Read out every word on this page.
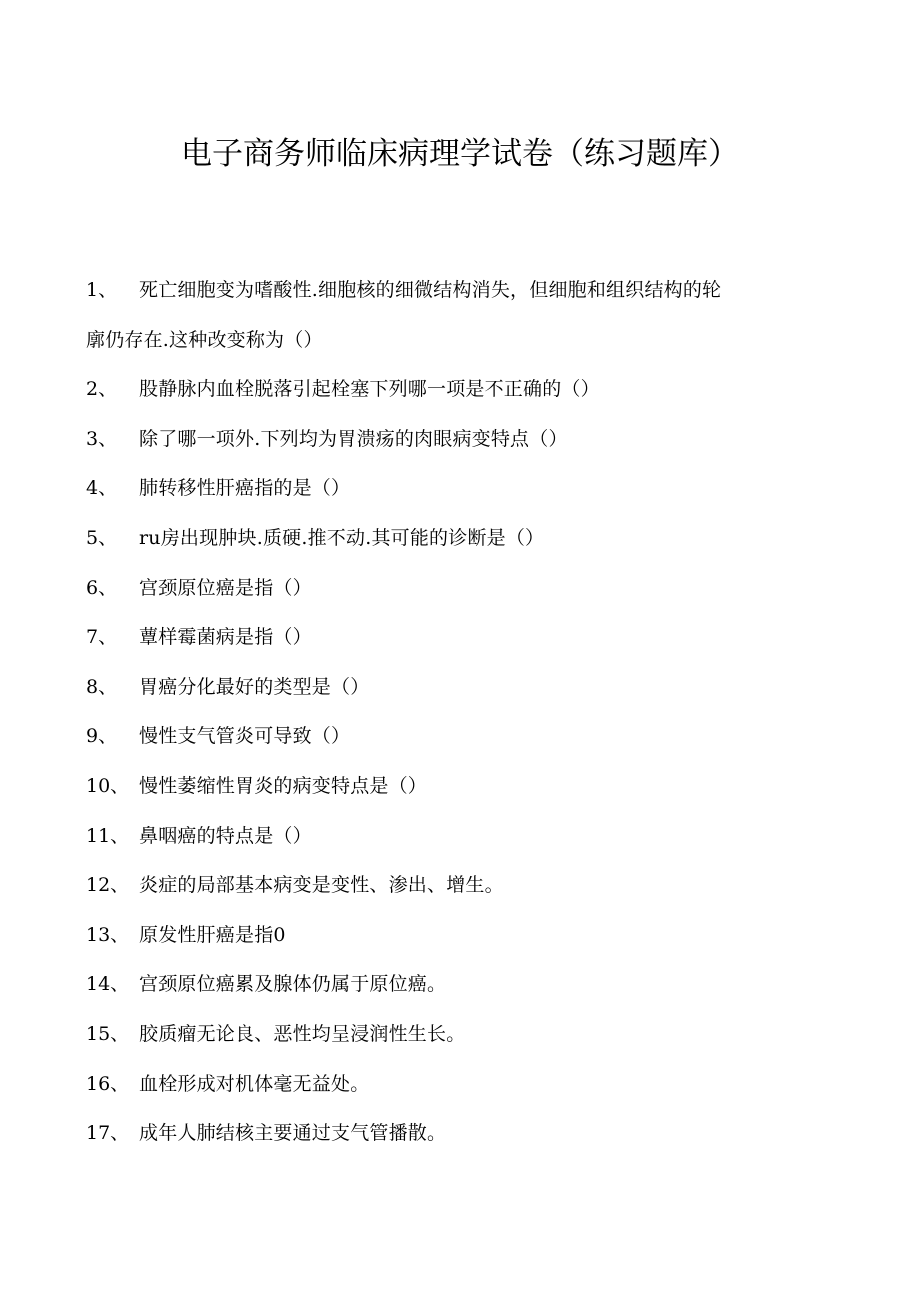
电子商务师临床病理学试卷（练习题库）
1、 死亡细胞变为嗜酸性.细胞核的细微结构消失，但细胞和组织结构的轮
廓仍存在.这种改变称为（）
2、 股静脉内血栓脱落引起栓塞下列哪一项是不正确的（）
3、 除了哪一项外.下列均为胃溃疡的肉眼病变特点（）
4、 肺转移性肝癌指的是（）
5、 ru房出现肿块.质硬.推不动.其可能的诊断是（）
6、 宫颈原位癌是指（）
7、 蕈样霉菌病是指（）
8、 胃癌分化最好的类型是（）
9、 慢性支气管炎可导致（）
10、 慢性萎缩性胃炎的病变特点是（）
11、 鼻咽癌的特点是（）
12、 炎症的局部基本病变是变性、渗出、增生。
13、 原发性肝癌是指0
14、 宫颈原位癌累及腺体仍属于原位癌。
15、 胶质瘤无论良、恶性均呈浸润性生长。
16、 血栓形成对机体毫无益处。
17、 成年人肺结核主要通过支气管播散。
